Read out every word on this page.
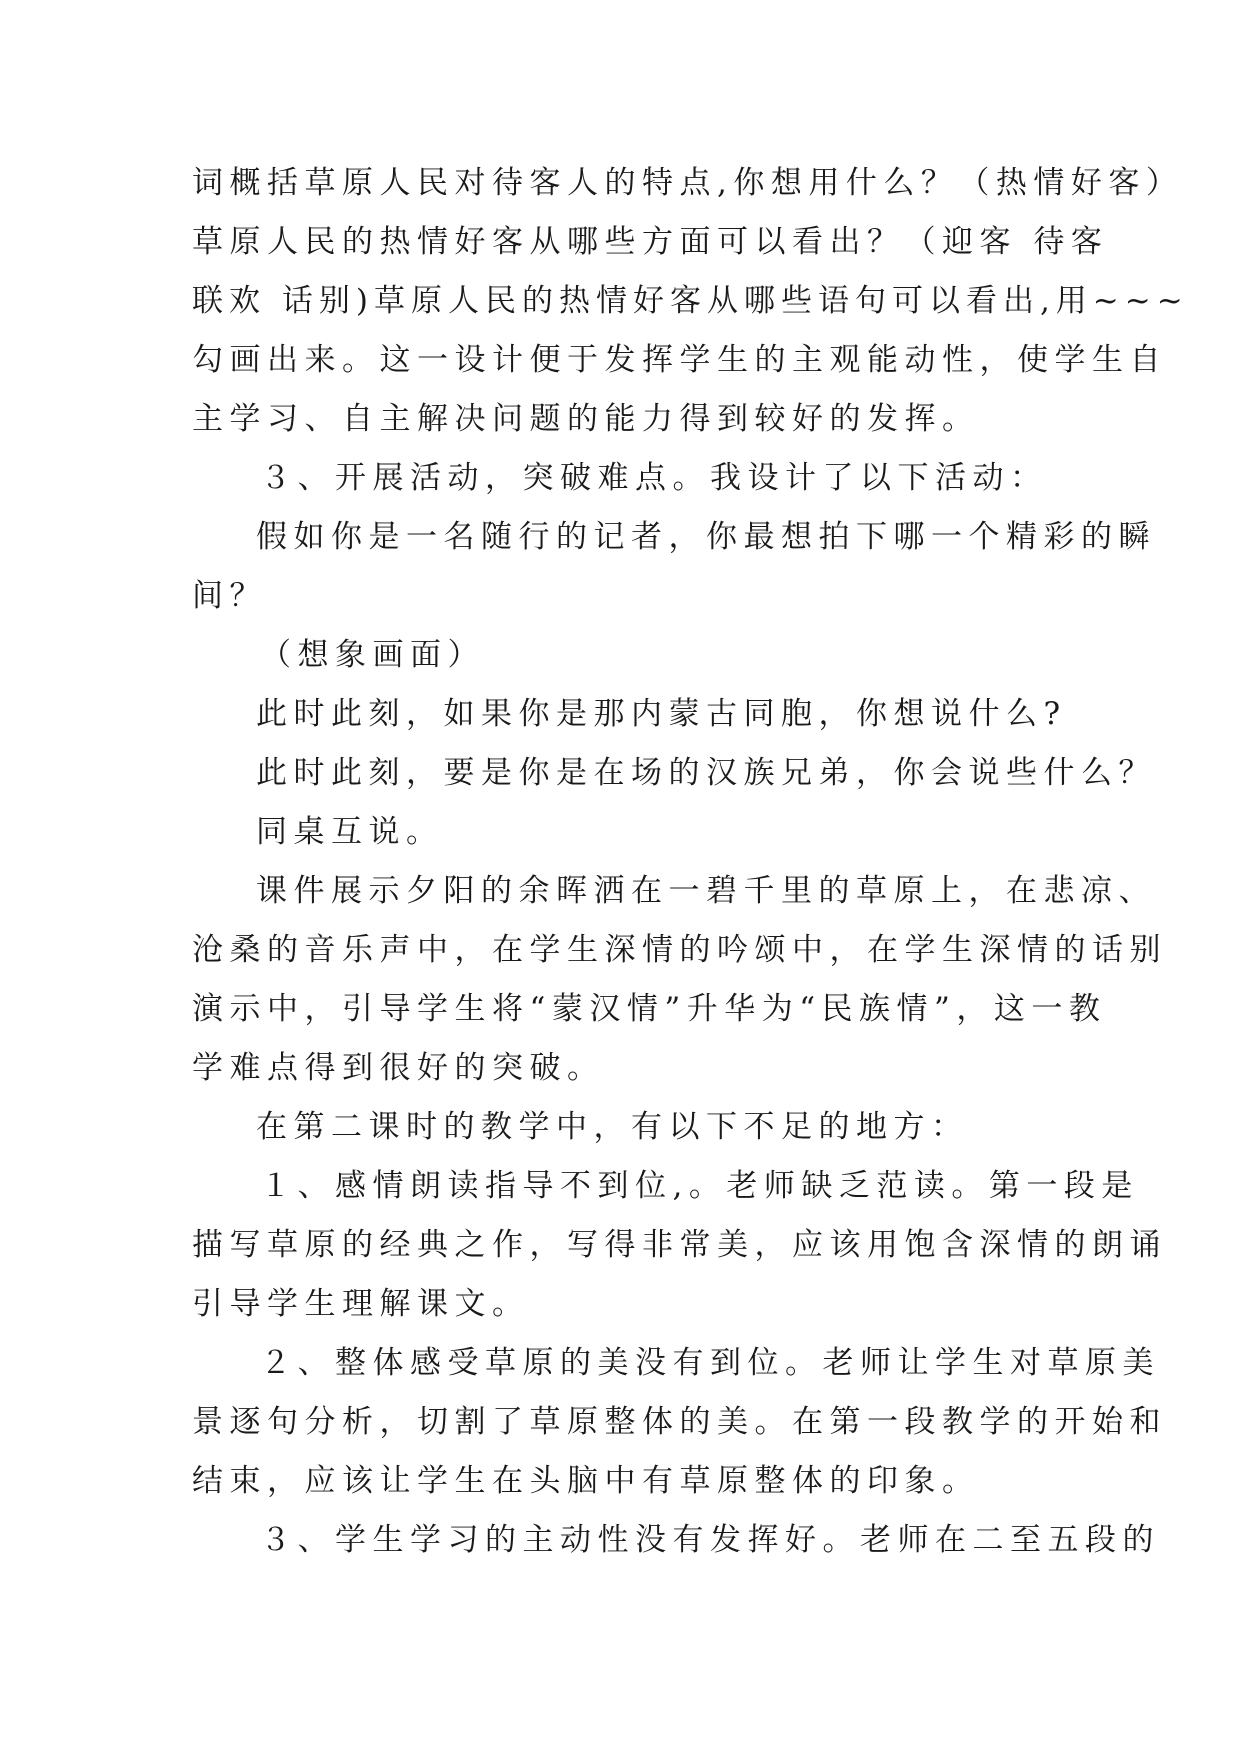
词概括草原人民对待客人的特点,你想用什么？（热情好客）
草原人民的热情好客从哪些方面可以看出？（迎客 待客
联欢 话别)草原人民的热情好客从哪些语句可以看出,用~~~
勾画出来。这一设计便于发挥学生的主观能动性，使学生自
主学习、自主解决问题的能力得到较好的发挥。
３、开展活动，突破难点。我设计了以下活动：
假如你是一名随行的记者，你最想拍下哪一个精彩的瞬
间？
（想象画面）
此时此刻，如果你是那内蒙古同胞，你想说什么?
此时此刻，要是你是在场的汉族兄弟，你会说些什么？
同桌互说。
课件展示夕阳的余晖洒在一碧千里的草原上，在悲凉、
沧桑的音乐声中，在学生深情的吟颂中，在学生深情的话别
演示中，引导学生将“蒙汉情”升华为“民族情”，这一教
学难点得到很好的突破。
在第二课时的教学中，有以下不足的地方：
１、感情朗读指导不到位,。老师缺乏范读。第一段是
描写草原的经典之作，写得非常美，应该用饱含深情的朗诵
引导学生理解课文。
２、整体感受草原的美没有到位。老师让学生对草原美
景逐句分析，切割了草原整体的美。在第一段教学的开始和
结束，应该让学生在头脑中有草原整体的印象。
３、学生学习的主动性没有发挥好。老师在二至五段的
